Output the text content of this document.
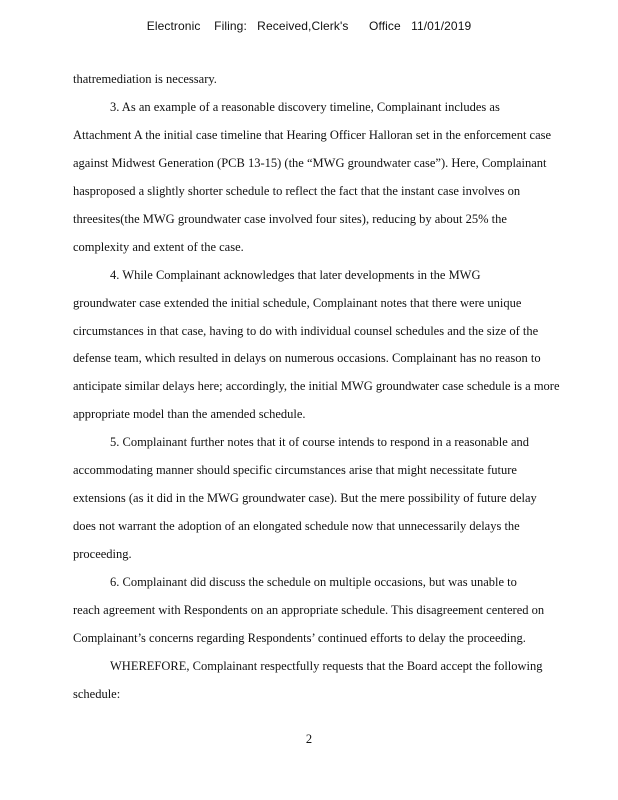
Electronic    Filing:   Received,Clerk's      Office   11/01/2019
thatremediation is necessary.
3. As an example of a reasonable discovery timeline, Complainant includes as
Attachment A the initial case timeline that Hearing Officer Halloran set in the enforcement case
against Midwest Generation (PCB 13-15) (the “MWG groundwater case”). Here, Complainant
hasproposed a slightly shorter schedule to reflect the fact that the instant case involves on
threesites(the MWG groundwater case involved four sites), reducing by about 25% the
complexity and extent of the case.
4. While Complainant acknowledges that later developments in the MWG
groundwater case extended the initial schedule, Complainant notes that there were unique
circumstances in that case, having to do with individual counsel schedules and the size of the
defense team, which resulted in delays on numerous occasions. Complainant has no reason to
anticipate similar delays here; accordingly, the initial MWG groundwater case schedule is a more
appropriate model than the amended schedule.
5. Complainant further notes that it of course intends to respond in a reasonable and
accommodating manner should specific circumstances arise that might necessitate future
extensions (as it did in the MWG groundwater case). But the mere possibility of future delay
does not warrant the adoption of an elongated schedule now that unnecessarily delays the
proceeding.
6. Complainant did discuss the schedule on multiple occasions, but was unable to
reach agreement with Respondents on an appropriate schedule. This disagreement centered on
Complainant’s concerns regarding Respondents’ continued efforts to delay the proceeding.
WHEREFORE, Complainant respectfully requests that the Board accept the following
schedule:
2
